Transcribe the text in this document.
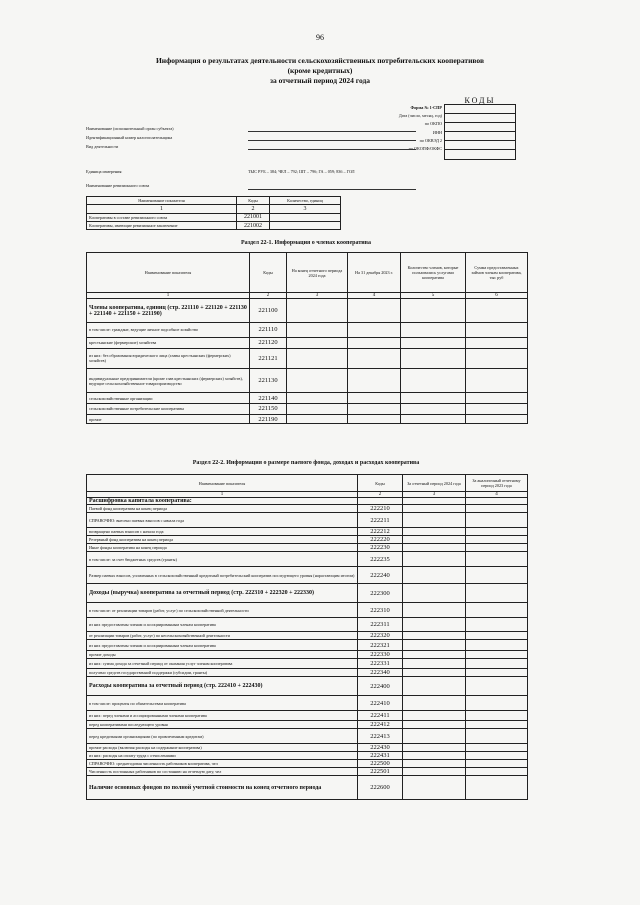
96
Информация о результатах деятельности сельскохозяйственных потребительских кооперативов
(кроме кредитных)
за отчетный период 2024 года
КОДЫ
Форма № 1-СПР
Дата (число, месяц, год)
по ОКПО
ИНН
по ОКВЭД 2
по ОКОПФ/ОКФС
Наименование (исполнительный орган субъекта)
Идентификационный номер налогоплательщика
Вид деятельности
Единица измерения:	ТЫС РУБ – 384; ЧЕЛ – 792; ШТ – 796; ГА – 059; 836 – ГОЛ
Наименование ревизионного союза
Наименование показателя	Коды	Количество, единиц
1	2	3
Кооперативы в составе ревизионного союза	221001	
Кооперативы, имеющие ревизионное заключение	221002	
Раздел 22-1. Информация о членах кооператива
Наименование показателя	Коды	На конец отчетного периода 2024 года	На 31 декабря 2023 г.	Количество членов, которые пользовались услугами кооператива	Сумма предоставленных займов членам кооператива, тыс руб
1	2	3	4	5	6
Члены кооператива, единиц (стр. 221110 + 221120 + 221130 + 221140 + 221150 + 221190)	221100				
в том числе: граждане, ведущие личное подсобное хозяйство	221110				
крестьянские (фермерские) хозяйства	221120				
из них: без образования юридического лица (главы крестьянских (фермерских) хозяйств)	221121				
индивидуальные предприниматели (кроме глав крестьянских (фермерских) хозяйств), ведущие сельскохозяйственное товаропроизводство	221130				
сельскохозяйственные организации	221140				
сельскохозяйственные потребительские кооперативы	221150				
прочие	221190				
Раздел 22-2. Информация о размере паевого фонда, доходах и расходах кооператива
Наименование показателя	Коды	За отчетный период 2024 года	За аналогичный отчетному период 2023 года
1	2	3	4
Расшифровка капитала кооператива:			
Паевой фонд кооператива на конец периода	222210		
СПРАВОЧНО: внесено паевых взносов с начала года	222211		
возвращено паевых взносов с начала года	222212		
Резервный фонд кооператива на конец периода	222220		
Иные фонды кооператива на конец периода	222230		
в том числе: за счет бюджетных средств (гранты)	222235		
Размер паевых взносов, уплаченных в сельскохозяйственный кредитный потребительский кооператив последующего уровня (нарастающим итогом)	222240		
Доходы (выручка) кооператива за отчетный период (стр. 222310 + 222320 + 222330)	222300		
в том числе: от реализации товаров (работ, услуг) по сельскохозяйственной деятельности	222310		
из них предоставлены членам и ассоциированным членам кооператива	222311		
от реализации товаров (работ, услуг) по несельскохозяйственной деятельности	222320		
из них предоставлены членам и ассоциированным членам кооператива	222321		
прочие доходы	222330		
из них: сумма дохода за отчетный период от оказания услуг членам кооператива	222331		
получено средств государственной поддержки (субсидии, гранты)	222340		
Расходы кооператива за отчетный период (стр. 222410 + 222430)	222400		
в том числе: проценты по обязательствам кооператива	222410		
из них: перед членами и ассоциированными членами кооператива	222411		
перед кооперативами последующего уровня	222412		
перед кредитными организациями (по привлеченным кредитам)	222413		
прочие расходы (включая расходы на содержание кооператива)	222430		
из них: расходы на оплату труда с отчислениями	222431		
СПРАВОЧНО: среднегодовая численность работников кооператива, чел	222500		
Численность постоянных работников по состоянию на отчетную дату, чел	222501		
Наличие основных фондов по полной учетной стоимости на конец отчетного периода	222600		
